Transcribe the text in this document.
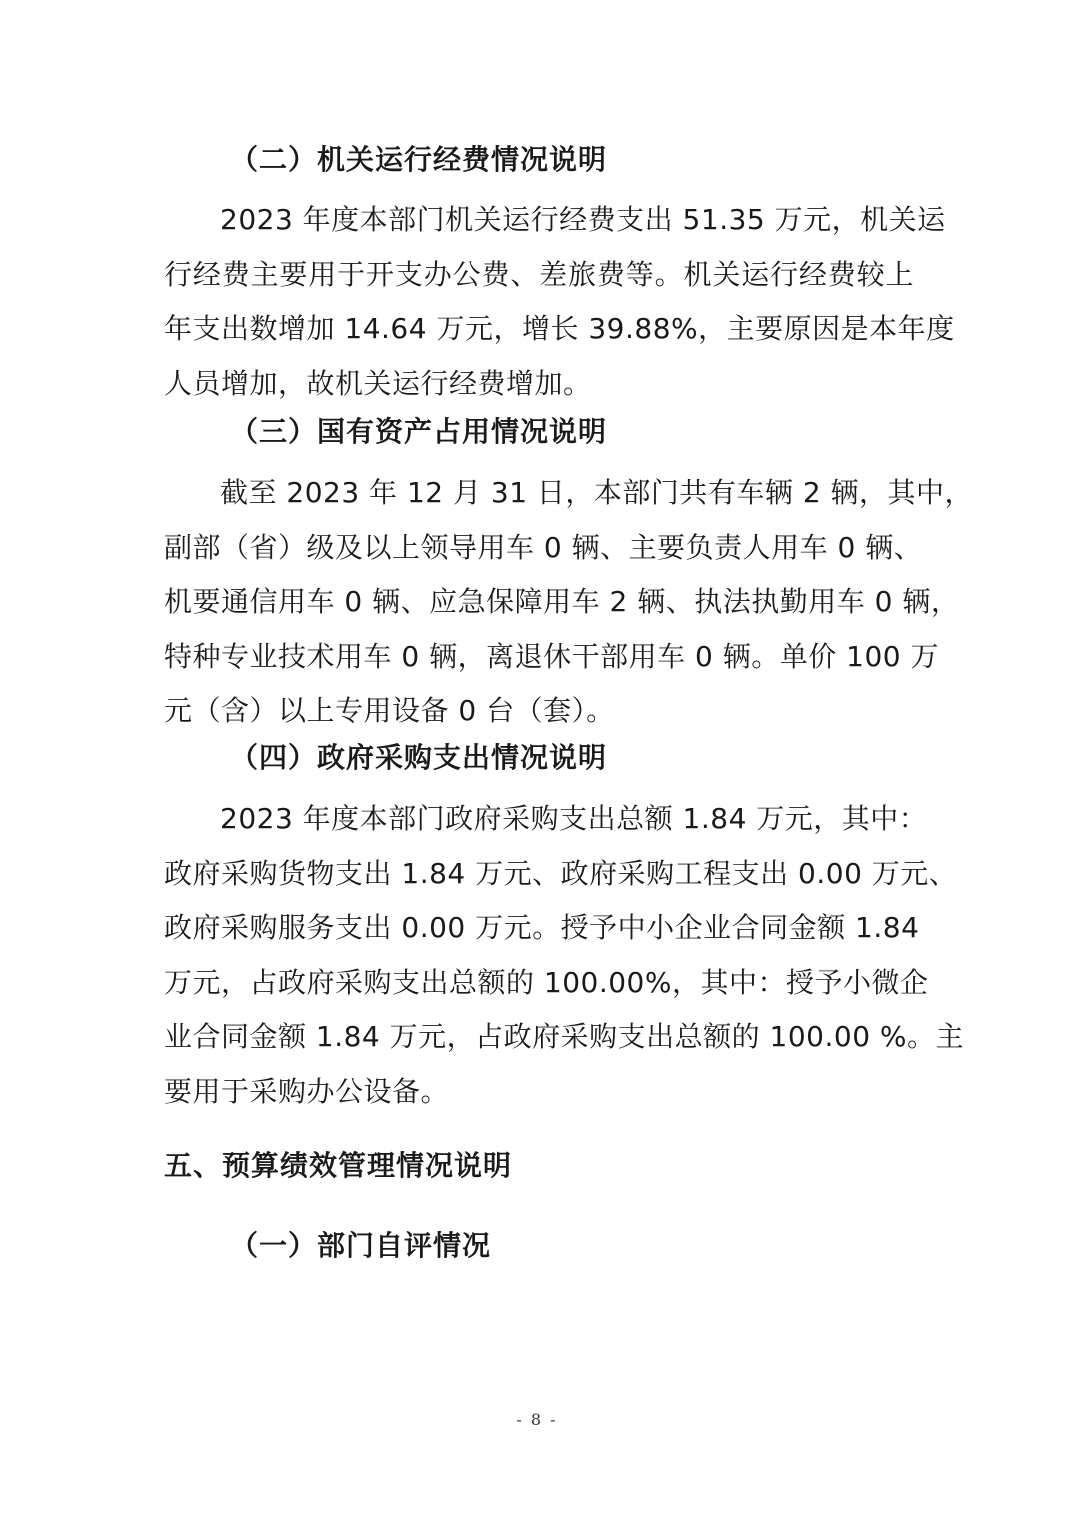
（二）机关运行经费情况说明
2023 年度本部门机关运行经费支出 51.35 万元，机关运
行经费主要用于开支办公费、差旅费等。机关运行经费较上
年支出数增加 14.64 万元，增长 39.88%，主要原因是本年度
人员增加，故机关运行经费增加。
（三）国有资产占用情况说明
截至 2023 年 12 月 31 日，本部门共有车辆 2 辆，其中，
副部（省）级及以上领导用车 0 辆、主要负责人用车 0 辆、
机要通信用车 0 辆、应急保障用车 2 辆、执法执勤用车 0 辆，
特种专业技术用车 0 辆，离退休干部用车 0 辆。单价 100 万
元（含）以上专用设备 0 台（套）。
（四）政府采购支出情况说明
2023 年度本部门政府采购支出总额 1.84 万元，其中：
政府采购货物支出 1.84 万元、政府采购工程支出 0.00 万元、
政府采购服务支出 0.00 万元。授予中小企业合同金额 1.84
万元，占政府采购支出总额的 100.00%，其中：授予小微企
业合同金额 1.84 万元，占政府采购支出总额的 100.00 %。主
要用于采购办公设备。
五、预算绩效管理情况说明
（一）部门自评情况
- 8 -
